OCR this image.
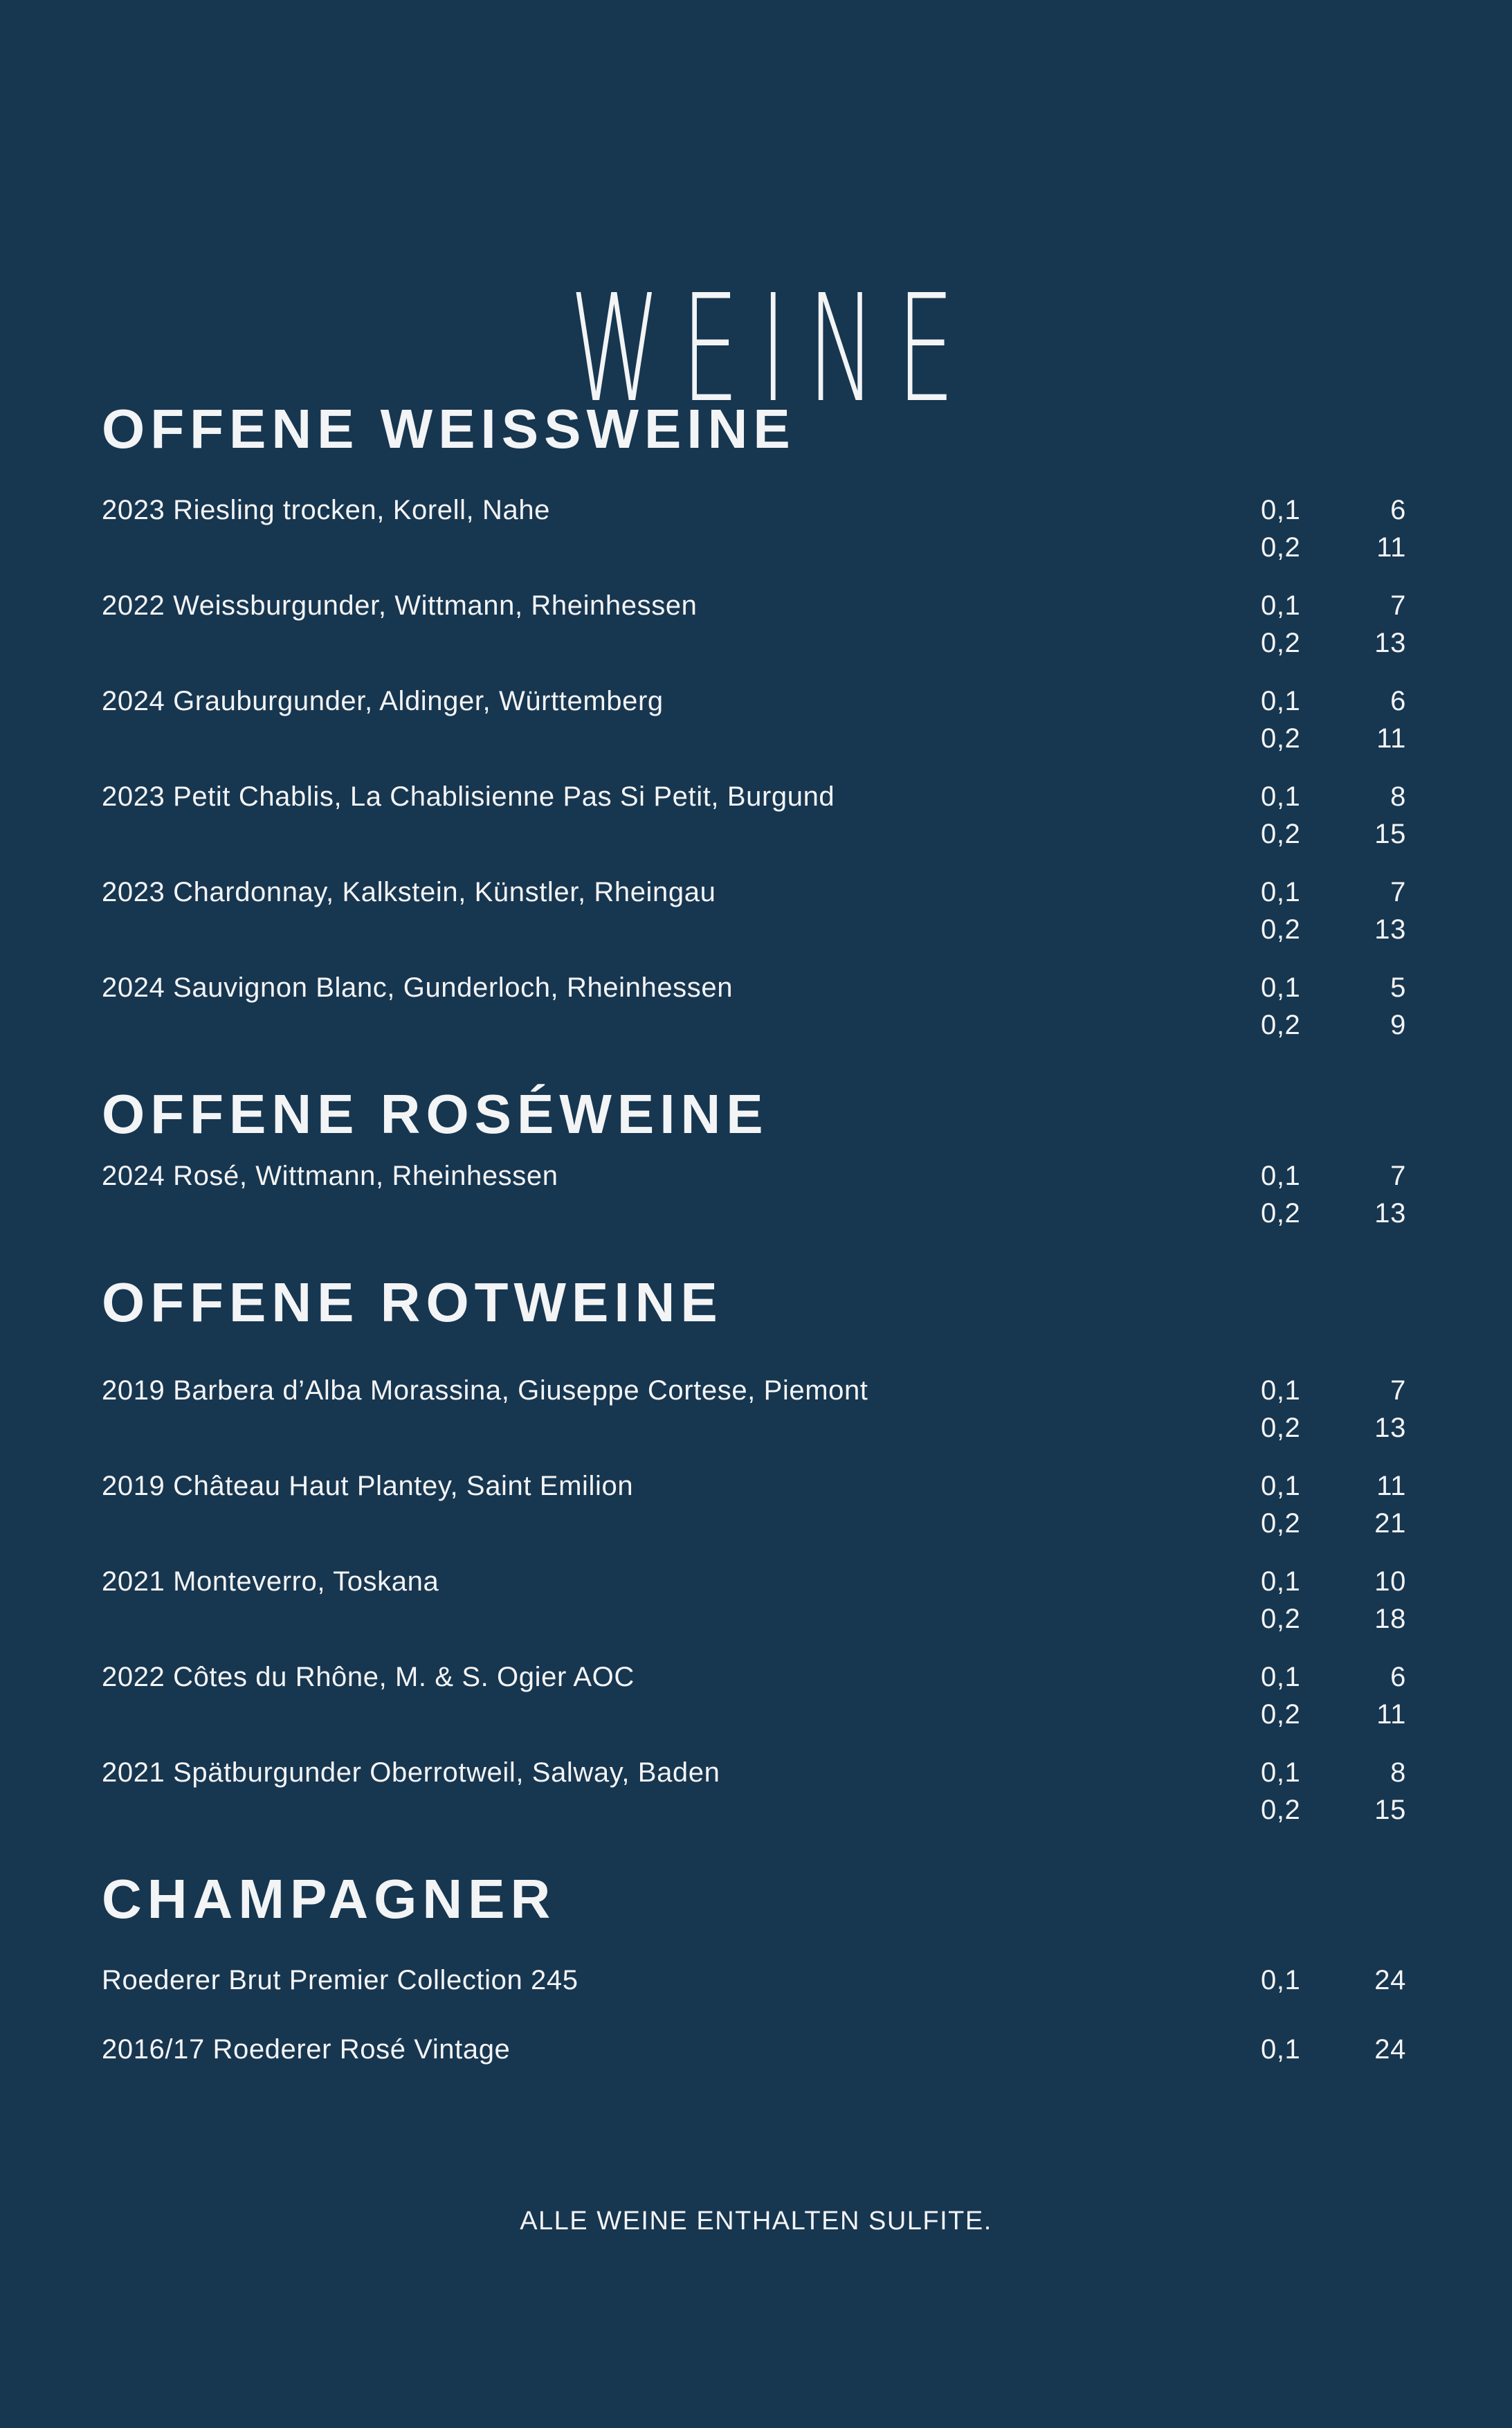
WEINE
OFFENE WEISSWEINE
2023 Riesling trocken, Korell, Nahe	0,1	6
0,2	11
2022 Weissburgunder, Wittmann, Rheinhessen	0,1	7
0,2	13
2024 Grauburgunder, Aldinger, Württemberg	0,1	6
0,2	11
2023 Petit Chablis, La Chablisienne Pas Si Petit, Burgund	0,1	8
0,2	15
2023 Chardonnay, Kalkstein, Künstler, Rheingau	0,1	7
0,2	13
2024 Sauvignon Blanc, Gunderloch, Rheinhessen	0,1	5
0,2	9
OFFENE ROSÉWEINE
2024 Rosé, Wittmann, Rheinhessen	0,1	7
0,2	13
OFFENE ROTWEINE
2019 Barbera d’Alba Morassina, Giuseppe Cortese, Piemont	0,1	7
0,2	13
2019 Château Haut Plantey, Saint Emilion	0,1	11
0,2	21
2021 Monteverro, Toskana	0,1	10
0,2	18
2022 Côtes du Rhône, M. & S. Ogier AOC	0,1	6
0,2	11
2021 Spätburgunder Oberrotweil, Salway, Baden	0,1	8
0,2	15
CHAMPAGNER
Roederer Brut Premier Collection 245	0,1	24
2016/17 Roederer Rosé Vintage	0,1	24
ALLE WEINE ENTHALTEN SULFITE.
